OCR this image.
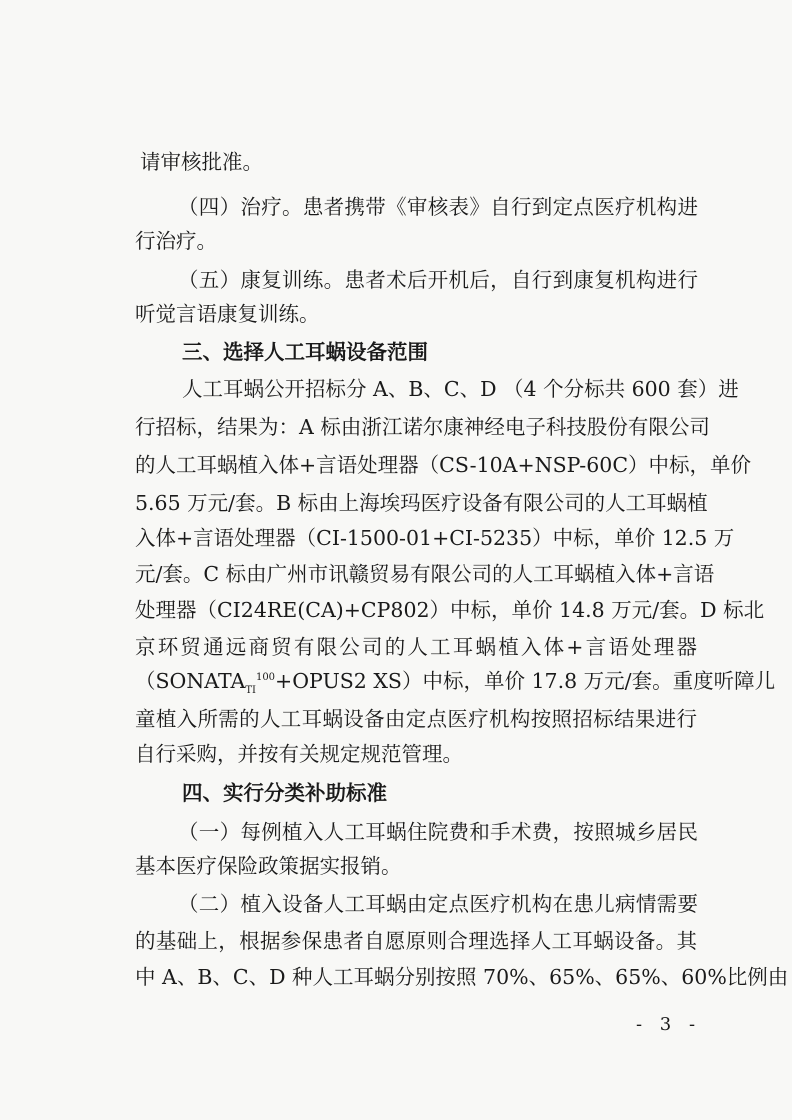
请审核批准。
（四）治疗。患者携带《审核表》自行到定点医疗机构进
行治疗。
（五）康复训练。患者术后开机后，自行到康复机构进行
听觉言语康复训练。
三、选择人工耳蜗设备范围
人工耳蜗公开招标分 A、B、C、D （4 个分标共 600 套）进
行招标，结果为：A 标由浙江诺尔康神经电子科技股份有限公司
的人工耳蜗植入体+言语处理器（CS-10A+NSP-60C）中标，单价
5.65 万元/套。B 标由上海埃玛医疗设备有限公司的人工耳蜗植
入体+言语处理器（CI-1500-01+CI-5235）中标，单价 12.5 万
元/套。C 标由广州市讯赣贸易有限公司的人工耳蜗植入体+言语
处理器（CI24RE(CA)+CP802）中标，单价 14.8 万元/套。D 标北
京环贸通远商贸有限公司的人工耳蜗植入体+言语处理器
（$SONATA_{TI}^{100}+OPUS2$ XS）中标，单价 17.8 万元/套。重度听障儿
童植入所需的人工耳蜗设备由定点医疗机构按照招标结果进行
自行采购，并按有关规定规范管理。
四、实行分类补助标准
（一）每例植入人工耳蜗住院费和手术费，按照城乡居民
基本医疗保险政策据实报销。
（二）植入设备人工耳蜗由定点医疗机构在患儿病情需要
的基础上，根据参保患者自愿原则合理选择人工耳蜗设备。其
中 A、B、C、D 种人工耳蜗分别按照 70%、65%、65%、60%比例由
- 3 -
